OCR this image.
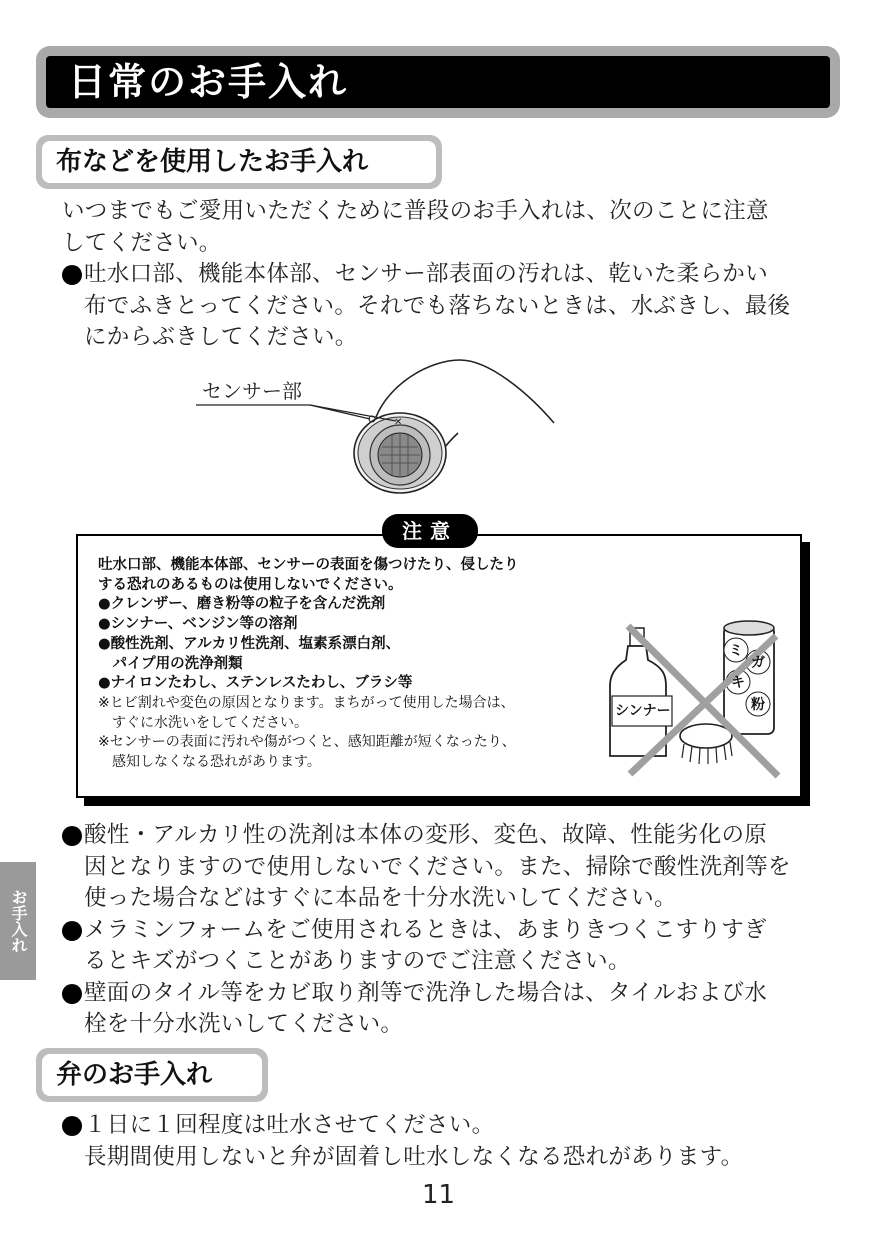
日常のお手入れ
布などを使用したお手入れ

いつまでもご愛用いただくために普段のお手入れは、次のことに注意

してください。

吐水口部、機能本体部、センサー部表面の汚れは、乾いた柔らかい

布でふきとってください。それでも落ちないときは、水ぶきし、最後

にからぶきしてください。

✕
センサー部

吐水口部、機能本体部、センサーの表面を傷つけたり、侵したり

する恐れのあるものは使用しないでください。

●クレンザー、磨き粉等の粒子を含んだ洗剤

●シンナー、ベンジン等の溶剤

●酸性洗剤、アルカリ性洗剤、塩素系漂白剤、

　パイプ用の洗浄剤類

●ナイロンたわし、ステンレスたわし、ブラシ等

※ヒビ割れや変色の原因となります。まちがって使用した場合は、

　すぐに水洗いをしてください。

※センサーの表面に汚れや傷がつくと、感知距離が短くなったり、

　感知しなくなる恐れがあります。

シンナー
ミ
ガ
キ
粉
注意

酸性・アルカリ性の洗剤は本体の変形、変色、故障、性能劣化の原

因となりますので使用しないでください。また、掃除で酸性洗剤等を

使った場合などはすぐに本品を十分水洗いしてください。

メラミンフォームをご使用されるときは、あまりきつくこすりすぎ

るとキズがつくことがありますのでご注意ください。

壁面のタイル等をカビ取り剤等で洗浄した場合は、タイルおよび水

栓を十分水洗いしてください。

お手入れ
弁のお手入れ

１日に１回程度は吐水させてください。

長期間使用しないと弁が固着し吐水しなくなる恐れがあります。

11
